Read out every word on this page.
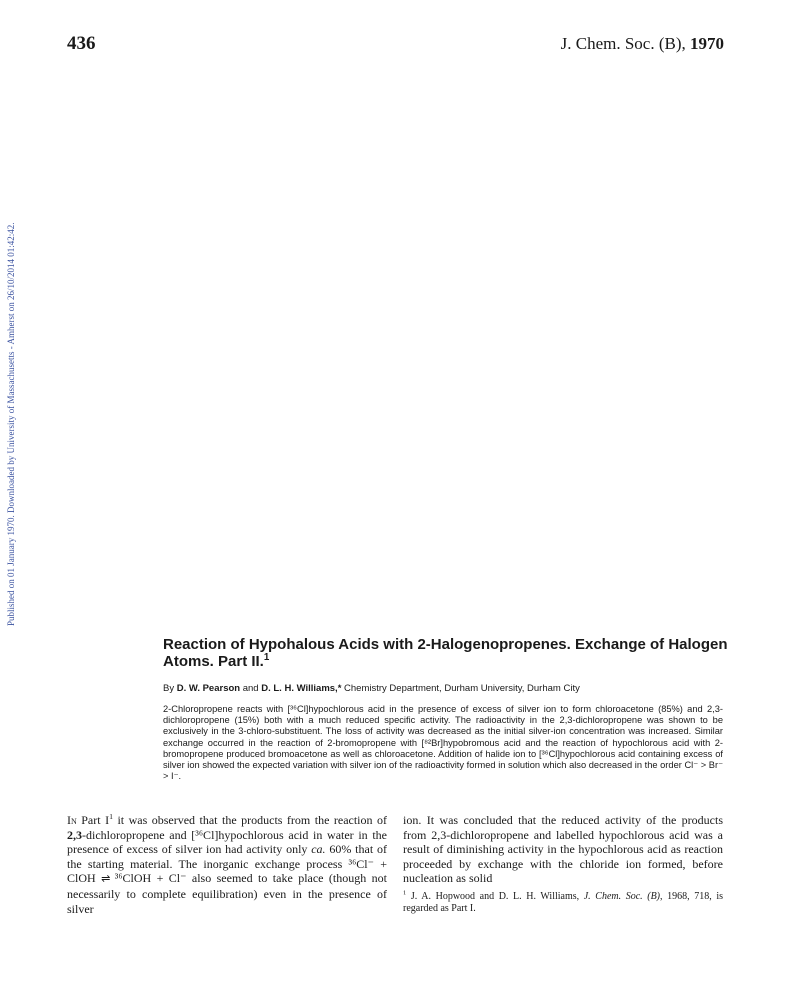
436	J. Chem. Soc. (B), 1970
Published on 01 January 1970. Downloaded by University of Massachusetts - Amherst on 26/10/2014 01:42:42.
Reaction of Hypohalous Acids with 2-Halogenopropenes. Exchange of Halogen Atoms. Part II.$^1$
By D. W. Pearson and D. L. H. Williams,* Chemistry Department, Durham University, Durham City
2-Chloropropene reacts with [³⁶Cl]hypochlorous acid in the presence of excess of silver ion to form chloroacetone (85%) and 2,3-dichloropropene (15%) both with a much reduced specific activity. The radioactivity in the 2,3-dichloropropene was shown to be exclusively in the 3-chloro-substituent. The loss of activity was decreased as the initial silver-ion concentration was increased. Similar exchange occurred in the reaction of 2-bromopropene with [⁸²Br]hypobromous acid and the reaction of hypochlorous acid with 2-bromopropene produced bromoacetone as well as chloroacetone. Addition of halide ion to [³⁶Cl]hypochlorous acid containing excess of silver ion showed the expected variation with silver ion of the radioactivity formed in solution which also decreased in the order Cl⁻ > Br⁻ > I⁻.
In Part $I^1$ it was observed that the products from the reaction of 2,3-dichloropropene and [³⁶Cl]hypochlorous acid in water in the presence of excess of silver ion had activity only ca. 60% that of the starting material. The inorganic exchange process ³⁶Cl⁻ + ClOH ⇌ ³⁶ClOH + Cl⁻ also seemed to take place (though not necessarily to complete equilibration) even in the presence of silver
ion. It was concluded that the reduced activity of the products from 2,3-dichloropropene and labelled hypochlorous acid was a result of diminishing activity in the hypochlorous acid as reaction proceeded by exchange with the chloride ion formed, before nucleation as solid
$^1$ J. A. Hopwood and D. L. H. Williams, J. Chem. Soc. (B), 1968, 718, is regarded as Part I.
